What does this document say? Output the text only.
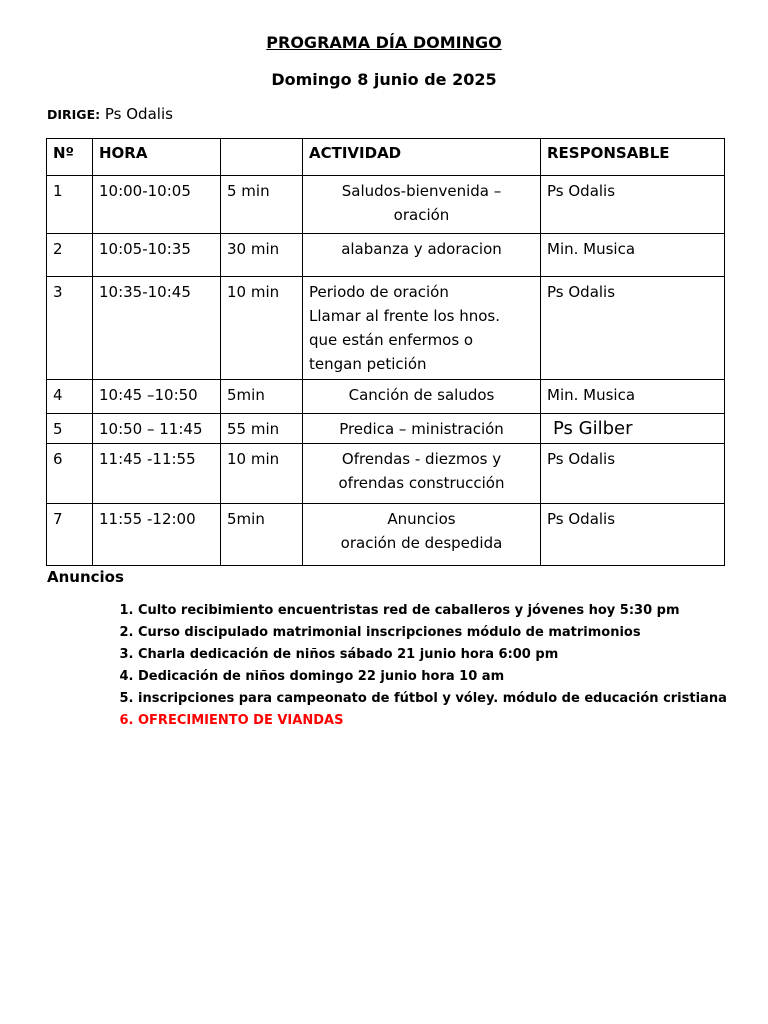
PROGRAMA DÍA DOMINGO
Domingo 8 junio de 2025
DIRIGE: Ps Odalis
Nº	HORA		ACTIVIDAD	RESPONSABLE
1	10:00-10:05	5 min	Saludos-bienvenida –
oración	Ps Odalis
2	10:05-10:35	30 min	alabanza y adoracion	Min. Musica
3	10:35-10:45	10 min	Periodo de oración
Llamar al frente los hnos.
que están enfermos o
tengan petición	Ps Odalis
4	10:45 –10:50	5min	Canción de saludos	Min. Musica
5	10:50 – 11:45	55 min	Predica – ministración	Ps Gilber
6	11:45 -11:55	10 min	Ofrendas - diezmos y
ofrendas construcción	Ps Odalis
7	11:55 -12:00	5min	Anuncios
oración de despedida	Ps Odalis
Anuncios
1. Culto recibimiento encuentristas red de caballeros y jóvenes hoy 5:30 pm
2. Curso discipulado matrimonial inscripciones módulo de matrimonios
3. Charla dedicación de niños sábado 21 junio hora 6:00 pm
4. Dedicación de niños domingo 22 junio hora 10 am
5. inscripciones para campeonato de fútbol y vóley. módulo de educación cristiana
6. OFRECIMIENTO DE VIANDAS
